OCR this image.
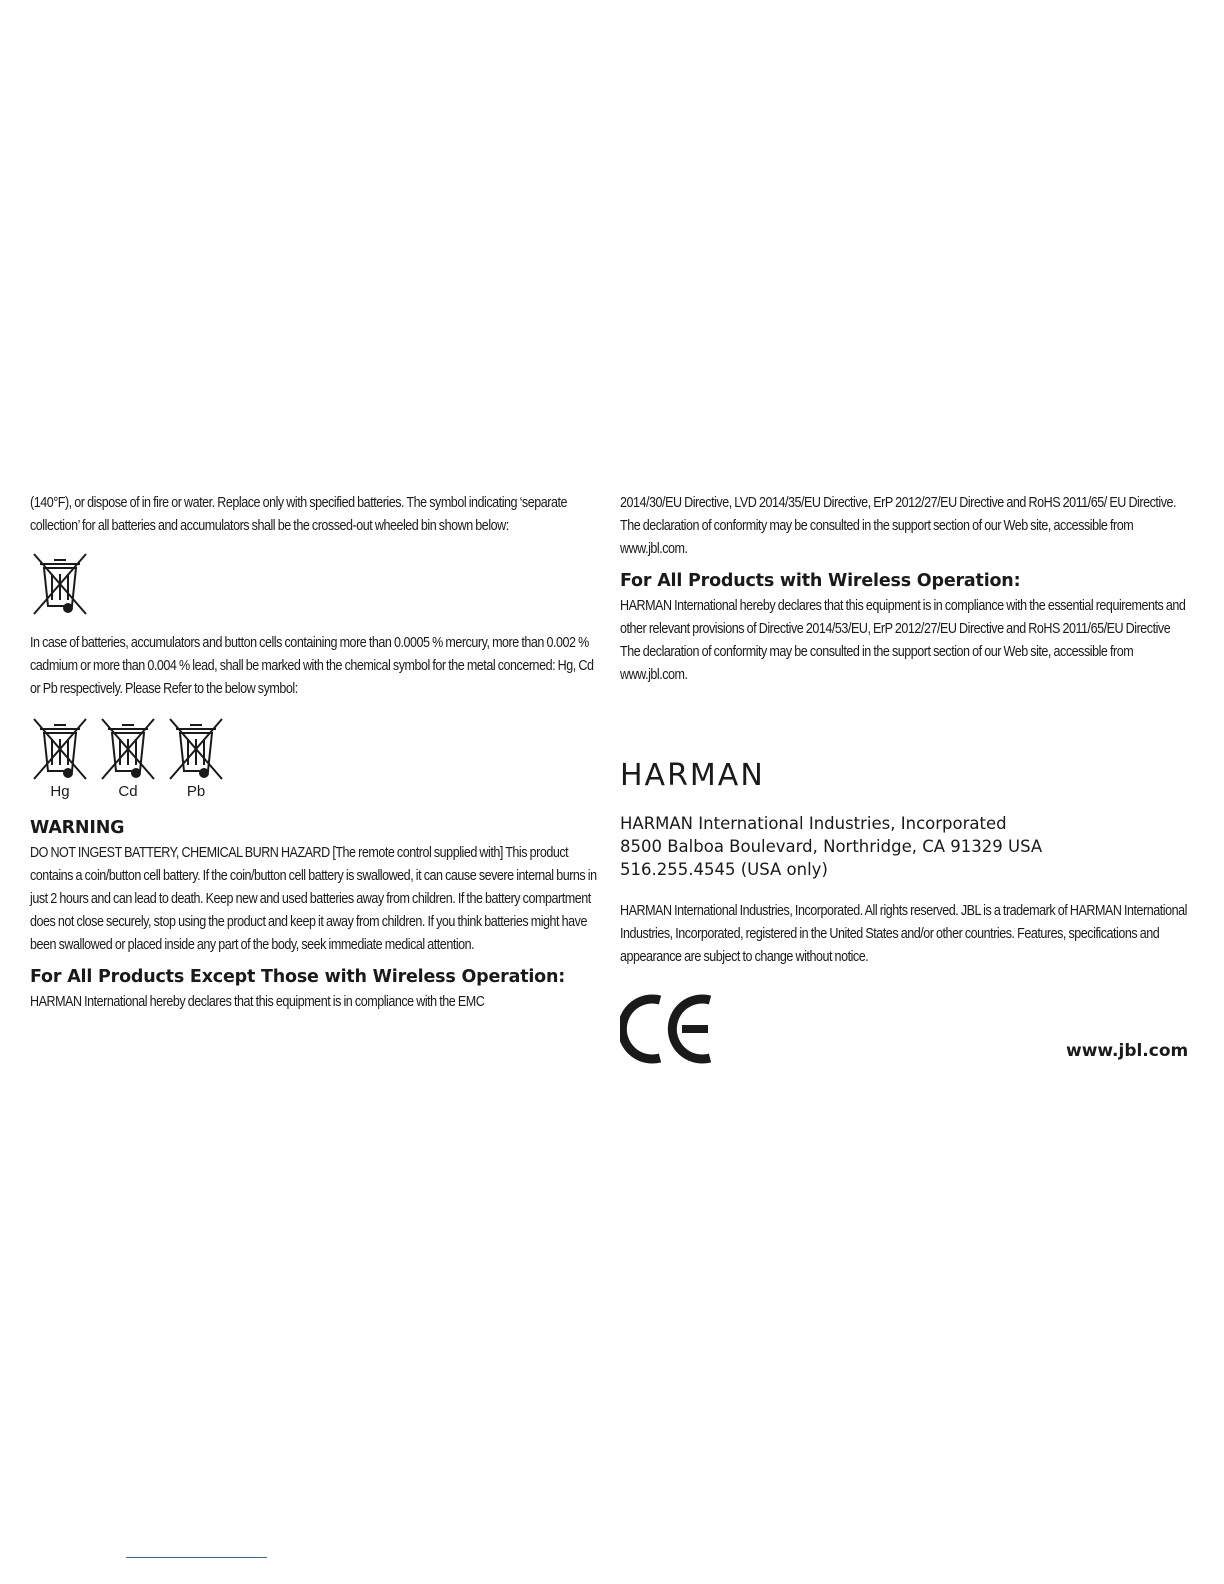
(140°F), or dispose of in fire or water. Replace only with specified batteries. The symbol indicating ‘separate collection’ for all batteries and accumulators shall be the crossed-out wheeled bin shown below:

In case of batteries, accumulators and button cells containing more than 0.0005 % mercury, more than 0.002 % cadmium or more than 0.004 % lead, shall be marked with the chemical symbol for the metal concerned: Hg, Cd or Pb respectively. Please Refer to the below symbol:

Hg	Cd	Pb
WARNING

DO NOT INGEST BATTERY, CHEMICAL BURN HAZARD [The remote control supplied with] This product contains a coin/button cell battery. If the coin/button cell battery is swallowed, it can cause severe internal burns in just 2 hours and can lead to death. Keep new and used batteries away from children. If the battery compartment does not close securely, stop using the product and keep it away from children. If you think batteries might have been swallowed or placed inside any part of the body, seek immediate medical attention.

For All Products Except Those with Wireless Operation:

HARMAN International hereby declares that this equipment is in compliance with the EMC

2014/30/EU Directive, LVD 2014/35/EU Directive, ErP 2012/27/EU Directive and RoHS 2011/65/ EU Directive. The declaration of conformity may be consulted in the support section of our Web site, accessible from www.jbl.com.

For All Products with Wireless Operation:

HARMAN International hereby declares that this equipment is in compliance with the essential requirements and other relevant provisions of Directive 2014/53/EU, ErP 2012/27/EU Directive and RoHS 2011/65/EU Directive The declaration of conformity may be consulted in the support section of our Web site, accessible from www.jbl.com.

HARMAN
HARMAN International Industries, Incorporated
8500 Balboa Boulevard, Northridge, CA 91329 USA
516.255.4545 (USA only)

HARMAN International Industries, Incorporated. All rights reserved. JBL is a trademark of HARMAN International Industries, Incorporated, registered in the United States and/or other countries. Features, specifications and appearance are subject to change without notice.

www.jbl.com
